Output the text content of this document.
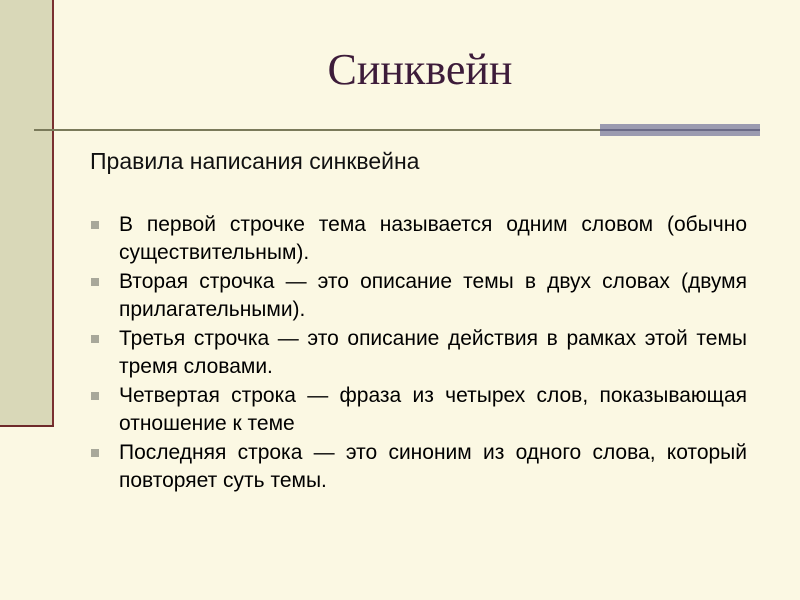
Синквейн
Правила написания синквейна
В первой строчке тема называется одним словом (обычно существительным).
Вторая строчка — это описание темы в двух словах (двумя прилагательными).
Третья строчка — это описание действия в рамках этой темы тремя словами.
Четвертая строка — фраза из четырех слов, показывающая отношение к теме
Последняя строка — это синоним из одного слова, который повторяет суть темы.
